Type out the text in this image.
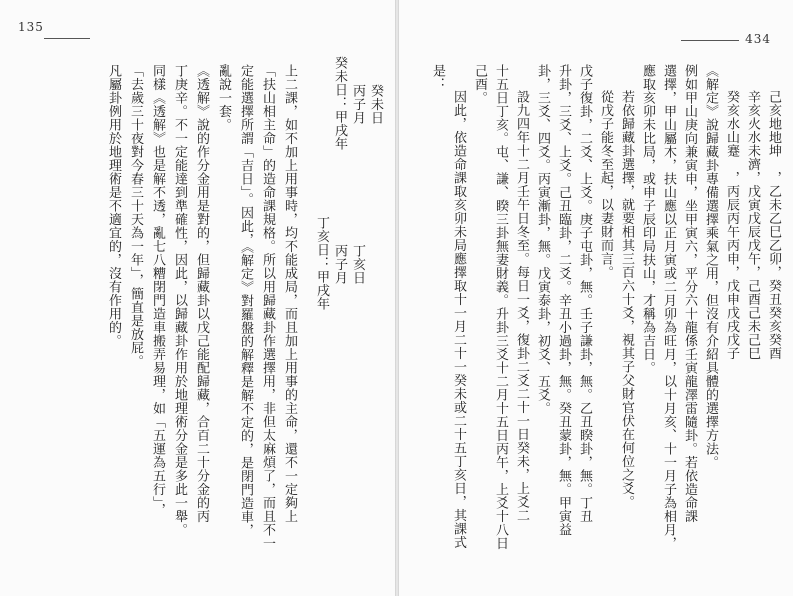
135
凡屬卦例用於地理術是不適宜的，沒有作用的。 「去歲三十夜對今春三十天為一年」，簡直是放屁。 同樣《透解》也是解不透，亂七八糟閉門造車搬弄易理，如「五運為五行」， 丁庚辛。不一定能達到準確性，因此，以歸藏卦作用於地理術分金是多此一舉。 《透解》說的作分金用是對的，但歸藏卦以戊己能配歸藏，合百二十分金的丙 亂說一套。 定能選擇所謂「吉日」。因此，《解定》對羅盤的解釋是解不定的，是閉門造車， 「扶山相主命」的造命課規格。所以用歸藏卦作選擇用，非但太麻煩了，而且不一 上二課，如不加上用事時，均不能成局，而且加上用事的主命，還不一定夠上	癸未日：甲戌年 丙子月 癸未日
丁亥日：甲戌年 丙子月 丁亥日
434
己亥地地坤　，乙未乙巳乙卯，癸丑癸亥癸酉
辛亥火水未濟，戊寅戊辰戊午，己酉己未己巳
癸亥水山蹇　，丙辰丙午丙申，戊申戊戌戊子
《解定》說歸藏卦專備選擇乘氣之用，但沒有介紹具體的選擇方法。
例如甲山庚向兼寅申，坐甲寅六，平分六十龍係壬寅龍澤雷隨卦。若依造命課
選擇，甲山屬木，扶山應以正月寅或二月卯為旺月，以十月亥、十一月子為相月，
應取亥卯未比局，或申子辰印局扶山，才稱為吉日。
若依歸藏卦選擇，就要相其三百六十爻，視其子父財官伏在何位之爻。
從戊子能冬至起，以妻財而言。
戊子復卦，二爻、上爻。庚子屯卦，無。壬子謙卦，無。乙丑睽卦，無。丁丑
升卦，三爻、上爻。己丑臨卦，二爻。辛丑小過卦，無。癸丑蒙卦，無。甲寅益
卦，三爻、四爻。丙寅漸卦，無。戊寅泰卦，初爻、五爻。
設九四年十二月壬午日冬至。每日一爻，復卦二爻二十一日癸未，上爻二
十五日丁亥。屯、謙、睽三卦無妻財義。升卦三爻十二月十五日丙午，上爻十八日
己酉。
因此，依造命課取亥卯未局應擇取十一月二十一癸未或二十五丁亥日，其課式
是：
